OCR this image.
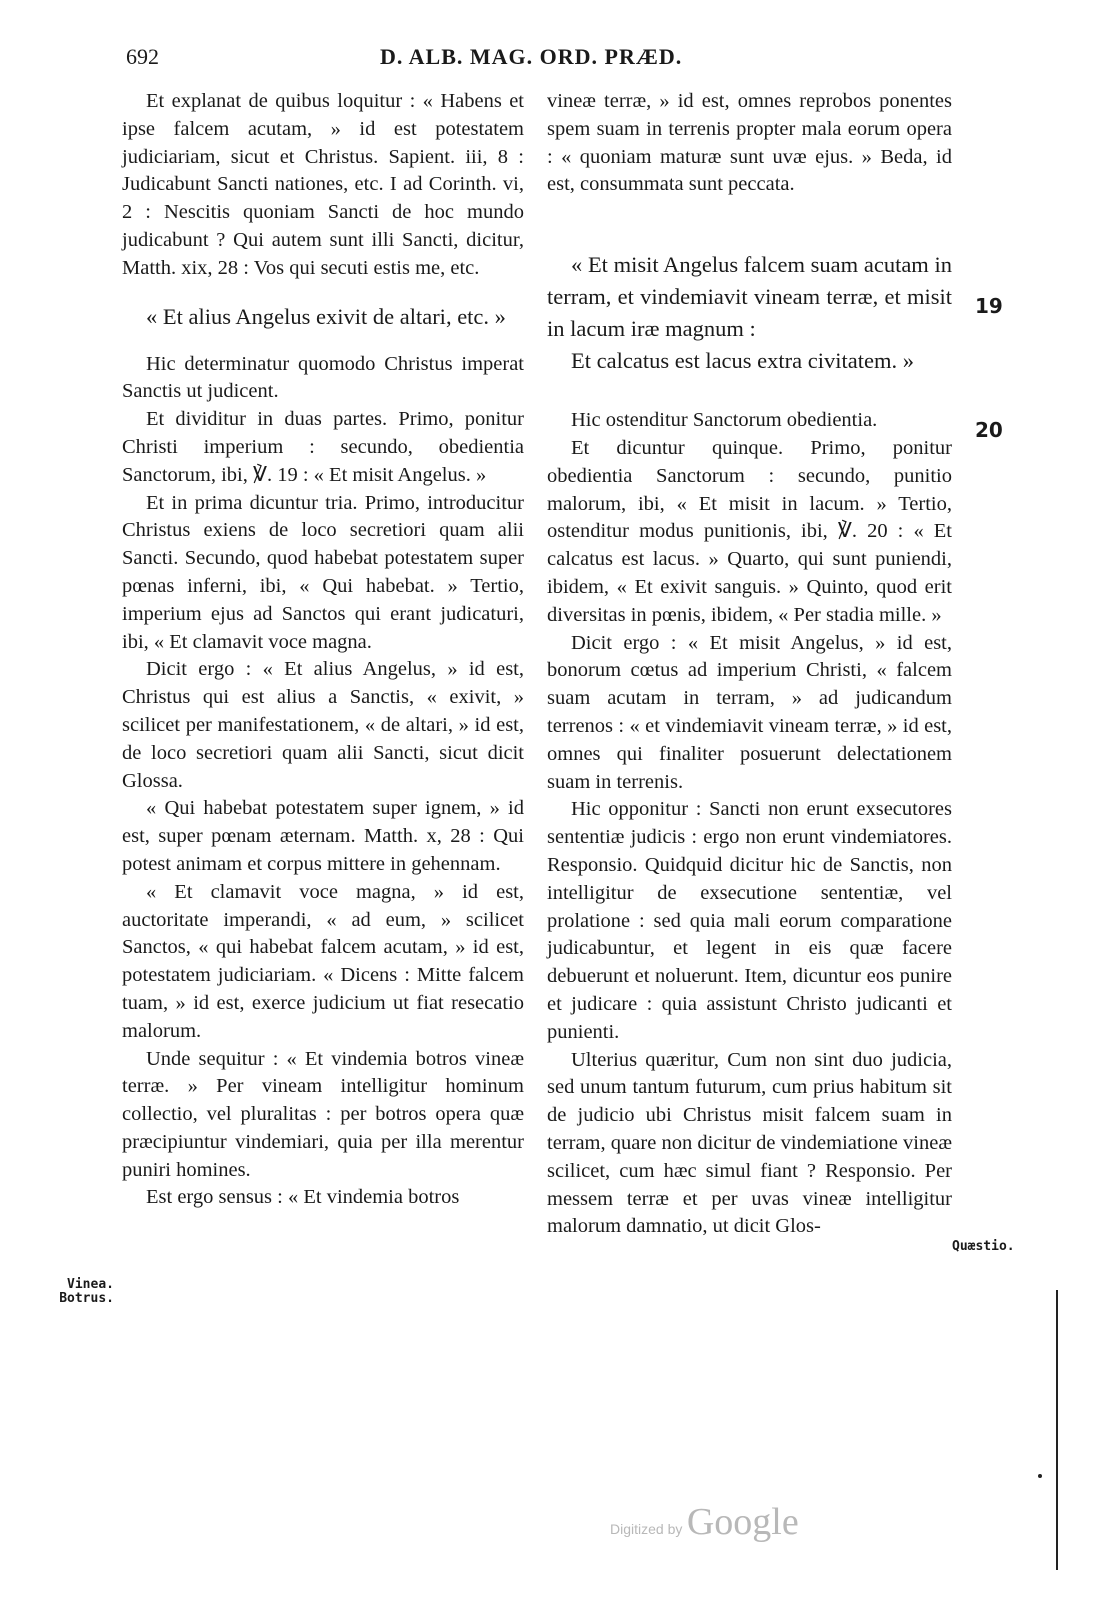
692	D. ALB. MAG. ORD. PRÆD.

Et explanat de quibus loquitur : « Habens et ipse falcem acutam, » id est potestatem judiciariam, sicut et Christus. Sapient. iii, 8 : Judicabunt Sancti nationes, etc. I ad Corinth. vi, 2 : Nescitis quoniam Sancti de hoc mundo judicabunt ? Qui autem sunt illi Sancti, dicitur, Matth. xix, 28 : Vos qui secuti estis me, etc.

« Et alius Angelus exivit de altari, etc. »

Hic determinatur quomodo Christus imperat Sanctis ut judicent.

Et dividitur in duas partes. Primo, ponitur Christi imperium : secundo, obedientia Sanctorum, ibi, ℣. 19 : « Et misit Angelus. »

Et in prima dicuntur tria. Primo, introducitur Christus exiens de loco secretiori quam alii Sancti. Secundo, quod habebat potestatem super pœnas inferni, ibi, « Qui habebat. » Tertio, imperium ejus ad Sanctos qui erant judicaturi, ibi, « Et clamavit voce magna.

Dicit ergo : « Et alius Angelus, » id est, Christus qui est alius a Sanctis, « exivit, » scilicet per manifestationem, « de altari, » id est, de loco secretiori quam alii Sancti, sicut dicit Glossa.

« Qui habebat potestatem super ignem, » id est, super pœnam æternam. Matth. x, 28 : Qui potest animam et corpus mittere in gehennam.

« Et clamavit voce magna, » id est, auctoritate imperandi, « ad eum, » scilicet Sanctos, « qui habebat falcem acutam, » id est, potestatem judiciariam. « Dicens : Mitte falcem tuam, » id est, exerce judicium ut fiat resecatio malorum.

Unde sequitur : « Et vindemia botros vineæ terræ. » Per vineam intelligitur hominum collectio, vel pluralitas : per botros opera quæ præcipiuntur vindemiari, quia per illa merentur puniri homines.

Est ergo sensus : « Et vindemia botros

vineæ terræ, » id est, omnes reprobos ponentes spem suam in terrenis propter mala eorum opera : « quoniam maturæ sunt uvæ ejus. » Beda, id est, consummata sunt peccata.

« Et misit Angelus falcem suam acutam in terram, et vindemiavit vineam terræ, et misit in lacum iræ magnum :

Et calcatus est lacus extra civitatem. »

Hic ostenditur Sanctorum obedientia.

Et dicuntur quinque. Primo, ponitur obedientia Sanctorum : secundo, punitio malorum, ibi, « Et misit in lacum. » Tertio, ostenditur modus punitionis, ibi, ℣. 20 : « Et calcatus est lacus. » Quarto, qui sunt puniendi, ibidem, « Et exivit sanguis. » Quinto, quod erit diversitas in pœnis, ibidem, « Per stadia mille. »

Dicit ergo : « Et misit Angelus, » id est, bonorum cœtus ad imperium Christi, « falcem suam acutam in terram, » ad judicandum terrenos : « et vindemiavit vineam terræ, » id est, omnes qui finaliter posuerunt delectationem suam in terrenis.

Hic opponitur : Sancti non erunt exsecutores sententiæ judicis : ergo non erunt vindemiatores. Responsio. Quidquid dicitur hic de Sanctis, non intelligitur de exsecutione sententiæ, vel prolatione : sed quia mali eorum comparatione judicabuntur, et legent in eis quæ facere debuerunt et noluerunt. Item, dicuntur eos punire et judicare : quia assistunt Christo judicanti et punienti.

Ulterius quæritur, Cum non sint duo judicia, sed unum tantum futurum, cum prius habitum sit de judicio ubi Christus misit falcem suam in terram, quare non dicitur de vindemiatione vineæ scilicet, cum hæc simul fiant ? Responsio. Per messem terræ et per uvas vineæ intelligitur malorum damnatio, ut dicit Glos-

19
20
Vinea. Botrus.
Quæstio.
Digitized by Google
